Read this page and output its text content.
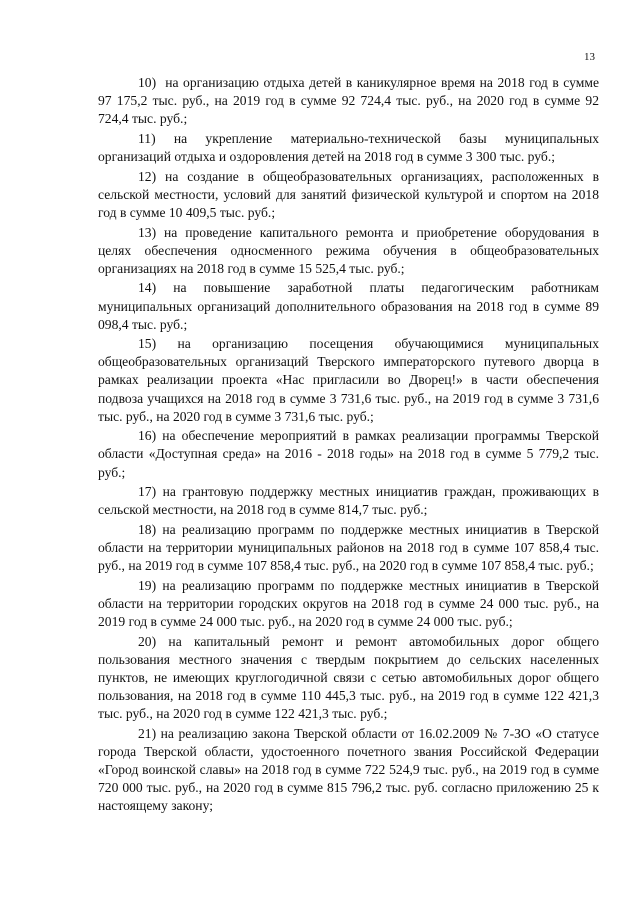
13

10)  на организацию отдыха детей в каникулярное время на 2018 год в сумме 97 175,2 тыс. руб., на 2019 год в сумме 92 724,4 тыс. руб., на 2020 год в сумме 92 724,4 тыс. руб.;

11) на укрепление материально-технической базы муниципальных организаций отдыха и оздоровления детей на 2018 год в сумме 3 300 тыс. руб.;

12) на создание в общеобразовательных организациях, расположенных в сельской местности, условий для занятий физической культурой и спортом на 2018 год в сумме 10 409,5 тыс. руб.;

13) на проведение капитального ремонта и приобретение оборудования в целях обеспечения односменного режима обучения в общеобразовательных организациях на 2018 год в сумме 15 525,4 тыс. руб.;

14) на повышение заработной платы педагогическим работникам муниципальных организаций дополнительного образования на 2018 год в сумме 89 098,4 тыс. руб.;

15) на организацию посещения обучающимися муниципальных общеобразовательных организаций Тверского императорского путевого дворца в рамках реализации проекта «Нас пригласили во Дворец!» в части обеспечения подвоза учащихся на 2018 год в сумме 3 731,6 тыс. руб., на 2019 год в сумме 3 731,6 тыс. руб., на 2020 год в сумме 3 731,6 тыс. руб.;

16) на обеспечение мероприятий в рамках реализации программы Тверской области «Доступная среда» на 2016 - 2018 годы» на 2018 год в сумме 5 779,2 тыс. руб.;

17) на грантовую поддержку местных инициатив граждан, проживающих в сельской местности, на 2018 год в сумме 814,7 тыс. руб.;

18) на реализацию программ по поддержке местных инициатив в Тверской области на территории муниципальных районов на 2018 год в сумме 107 858,4 тыс. руб., на 2019 год в сумме 107 858,4 тыс. руб., на 2020 год в сумме 107 858,4 тыс. руб.;

19) на реализацию программ по поддержке местных инициатив в Тверской области на территории городских округов на 2018 год в сумме 24 000 тыс. руб., на 2019 год в сумме 24 000 тыс. руб., на 2020 год в сумме 24 000 тыс. руб.;

20) на капитальный ремонт и ремонт автомобильных дорог общего пользования местного значения с твердым покрытием до сельских населенных пунктов, не имеющих круглогодичной связи с сетью автомобильных дорог общего пользования, на 2018 год в сумме 110 445,3 тыс. руб., на 2019 год в сумме 122 421,3 тыс. руб., на 2020 год в сумме 122 421,3 тыс. руб.;

21) на реализацию закона Тверской области от 16.02.2009 № 7-ЗО «О статусе города Тверской области, удостоенного почетного звания Российской Федерации «Город воинской славы» на 2018 год в сумме 722 524,9 тыс. руб., на 2019 год в сумме 720 000 тыс. руб., на 2020 год в сумме 815 796,2 тыс. руб. согласно приложению 25 к настоящему закону;
